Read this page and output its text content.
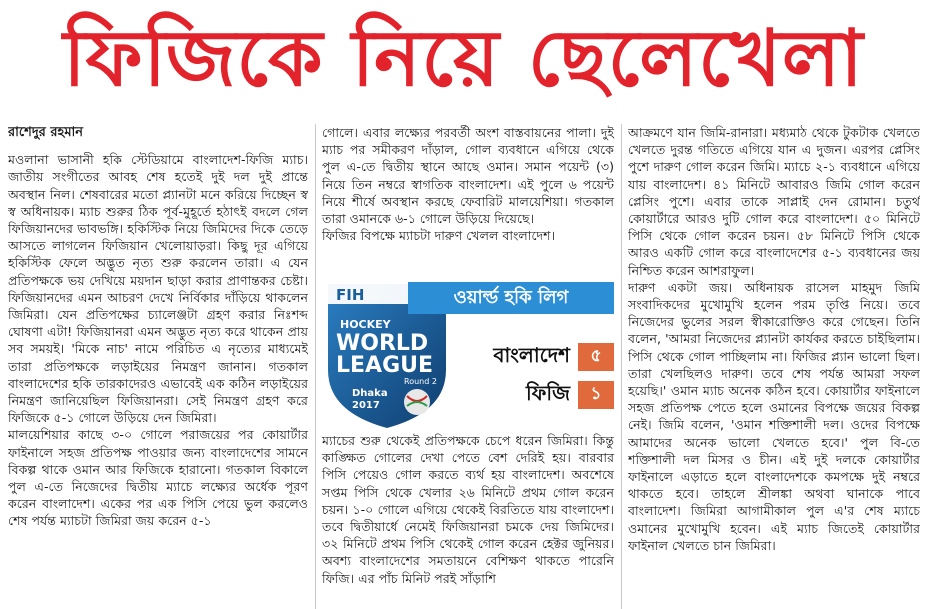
ফিজিকে নিয়ে ছেলেখেলা

রাশেদুর রহমান

মওলানা ভাসানী হকি স্টেডিয়ামে বাংলাদেশ-ফিজি ম্যাচ। জাতীয় সংগীতের আবহ শেষ হতেই দুই দল দুই প্রান্তে অবস্থান নিল। শেষবারের মতো প্ল্যানটা মনে করিয়ে দিচ্ছেন স্ব স্ব অধিনায়ক। ম্যাচ শুরুর ঠিক পূর্ব-মুহূর্তে হঠাৎই বদলে গেল ফিজিয়ানদের ভাবভঙ্গি। হকিস্টিক নিয়ে জিমিদের দিকে তেড়ে আসতে লাগলেন ফিজিয়ান খেলোয়াড়রা। কিছু দূর এগিয়ে হকিস্টিক ফেলে অদ্ভুত নৃত্য শুরু করলেন তারা। এ যেন প্রতিপক্ষকে ভয় দেখিয়ে ময়দান ছাড়া করার প্রাণান্তকর চেষ্টা। ফিজিয়ানদের এমন আচরণ দেখে নির্বিকার দাঁড়িয়ে থাকলেন জিমিরা। যেন প্রতিপক্ষের চ্যালেঞ্জটা গ্রহণ করার নিঃশব্দ ঘোষণা এটা! ফিজিয়ানরা এমন অদ্ভুত নৃত্য করে থাকেন প্রায় সব সময়ই। 'মিকে নাচ' নামে পরিচিত এ নৃত্যের মাধ্যমেই তারা প্রতিপক্ষকে লড়াইয়ের নিমন্ত্রণ জানান। গতকাল বাংলাদেশের হকি তারকাদেরও এভাবেই এক কঠিন লড়াইয়ের নিমন্ত্রণ জানিয়েছিল ফিজিয়ানরা। সেই নিমন্ত্রণ গ্রহণ করে ফিজিকে ৫-১ গোলে উড়িয়ে দেন জিমিরা।

মালয়েশিয়ার কাছে ৩-০ গোলে পরাজয়ের পর কোয়ার্টার ফাইনালে সহজ প্রতিপক্ষ পাওয়ার জন্য বাংলাদেশের সামনে বিকল্প থাকে ওমান আর ফিজিকে হারানো। গতকাল বিকালে পুল এ-তে নিজেদের দ্বিতীয় ম্যাচে লক্ষ্যের অর্ধেক পূরণ করেন বাংলাদেশ। একের পর এক পিসি পেয়ে ভুল করলেও শেষ পর্যন্ত ম্যাচটা জিমিরা জয় করেন ৫-১

গোলে। এবার লক্ষ্যের পরবর্তী অংশ বাস্তবায়নের পালা। দুই ম্যাচ পর সমীকরণ দাঁড়াল, গোল ব্যবধানে এগিয়ে থেকে পুল এ-তে দ্বিতীয় স্থানে আছে ওমান। সমান পয়েন্ট (৩) নিয়ে তিন নম্বরে স্বাগতিক বাংলাদেশ। এই পুলে ৬ পয়েন্ট নিয়ে শীর্ষে অবস্থান করছে ফেবারিট মালয়েশিয়া। গতকাল তারা ওমানকে ৬-১ গোলে উড়িয়ে দিয়েছে।

ফিজির বিপক্ষে ম্যাচটা দারুণ খেলল বাংলাদেশ।

FIH
HOCKEY
WORLD
LEAGUE
Round 2
Dhaka
2017
ওয়ার্ল্ড হকি লিগ
বাংলাদেশ	৫
ফিজি	১

ম্যাচের শুরু থেকেই প্রতিপক্ষকে চেপে ধরেন জিমিরা। কিন্তু কাঙ্ক্ষিত গোলের দেখা পেতে বেশ দেরিই হয়। বারবার পিসি পেয়েও গোল করতে ব্যর্থ হয় বাংলাদেশ। অবশেষে সপ্তম পিসি থেকে খেলার ২৬ মিনিটে প্রথম গোল করেন চয়ন। ১-০ গোলে এগিয়ে থেকেই বিরতিতে যায় বাংলাদেশ। তবে দ্বিতীয়ার্ধে নেমেই ফিজিয়ানরা চমকে দেয় জিমিদের। ৩২ মিনিটে প্রথম পিসি থেকেই গোল করেন হেক্টর জুনিয়র। অবশ্য বাংলাদেশের সমতায়নে বেশিক্ষণ থাকতে পারেনি ফিজি। এর পাঁচ মিনিট পরই সাঁড়াশি

আক্রমণে যান জিমি-রানারা। মধ্যমাঠ থেকে টুকটাক খেলতে খেলতে দুরন্ত গতিতে এগিয়ে যান এ দুজন। এরপর প্লেসিং পুশে দারুণ গোল করেন জিমি। ম্যাচে ২-১ ব্যবধানে এগিয়ে যায় বাংলাদেশ। ৪১ মিনিটে আবারও জিমি গোল করেন প্লেসিং পুশে। এবার তাকে সাপ্লাই দেন রোমান। চতুর্থ কোয়ার্টারে আরও দুটি গোল করে বাংলাদেশ। ৫০ মিনিটে পিসি থেকে গোল করেন চয়ন। ৫৮ মিনিটে পিসি থেকে আরও একটি গোল করে বাংলাদেশের ৫-১ ব্যবধানের জয় নিশ্চিত করেন আশরাফুল।

দারুণ একটা জয়। অধিনায়ক রাসেল মাহমুদ জিমি সংবাদিকদের মুখোমুখি হলেন পরম তৃপ্তি নিয়ে। তবে নিজেদের ভুলের সরল স্বীকারোক্তিও করে গেছেন। তিনি বলেন, 'আমরা নিজেদের প্ল্যানটা কার্যকর করতে চাইছিলাম। পিসি থেকে গোল পাচ্ছিলাম না। ফিজির প্ল্যান ভালো ছিল। তারা খেলছিলও দারুণ। তবে শেষ পর্যন্ত আমরা সফল হয়েছি।' ওমান ম্যাচ অনেক কঠিন হবে। কোয়ার্টার ফাইনালে সহজ প্রতিপক্ষ পেতে হলে ওমানের বিপক্ষে জয়ের বিকল্প নেই। জিমি বলেন, 'ওমান শক্তিশালী দল। ওদের বিপক্ষে আমাদের অনেক ভালো খেলতে হবে।' পুল বি-তে শক্তিশালী দল মিসর ও চীন। এই দুই দলকে কোয়ার্টার ফাইনালে এড়াতে হলে বাংলাদেশকে কমপক্ষে দুই নম্বরে থাকতে হবে। তাহলে শ্রীলঙ্কা অথবা ঘানাকে পাবে বাংলাদেশ। জিমিরা আগামীকাল পুল এ'র শেষ ম্যাচে ওমানের মুখোমুখি হবেন। এই ম্যাচ জিতেই কোয়ার্টার ফাইনাল খেলতে চান জিমিরা।
